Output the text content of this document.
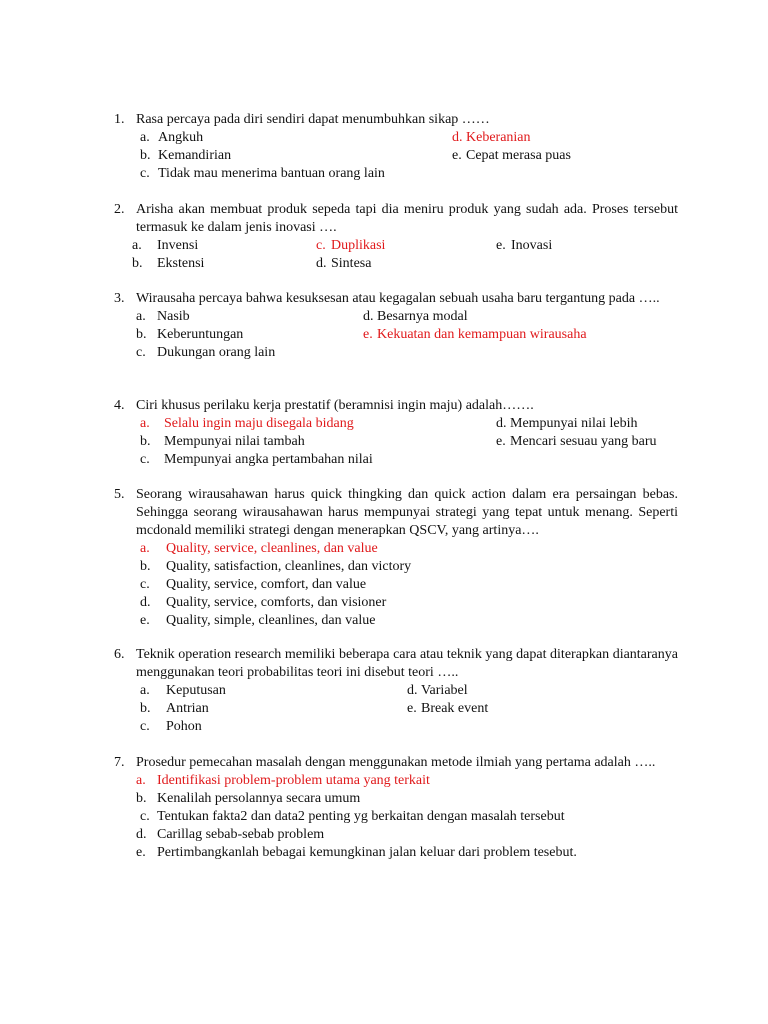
1. Rasa percaya pada diri sendiri dapat menumbuhkan sikap ……
a. Angkuh	d. Keberanian
b. Kemandirian	e. Cepat merasa puas
c. Tidak mau menerima bantuan orang lain
2. Arisha akan membuat produk sepeda tapi dia meniru produk yang sudah ada. Proses tersebut termasuk ke dalam jenis inovasi ….
a. Invensi	c. Duplikasi	e. Inovasi
b. Ekstensi	d. Sintesa
3. Wirausaha percaya bahwa kesuksesan atau kegagalan sebuah usaha baru tergantung pada …..
a. Nasib	d. Besarnya modal
b. Keberuntungan	e. Kekuatan dan kemampuan wirausaha
c. Dukungan orang lain
4. Ciri khusus perilaku kerja prestatif (beramnisi ingin maju) adalah…….
a. Selalu ingin maju disegala bidang	d. Mempunyai nilai lebih
b. Mempunyai nilai tambah	e. Mencari sesuau yang baru
c. Mempunyai angka pertambahan nilai
5. Seorang wirausahawan harus quick thingking dan quick action dalam era persaingan bebas. Sehingga seorang wirausahawan harus mempunyai strategi yang tepat untuk menang. Seperti mcdonald memiliki strategi dengan menerapkan QSCV, yang artinya….
a. Quality, service, cleanlines, dan value
b. Quality, satisfaction, cleanlines, dan victory
c. Quality, service, comfort, dan value
d. Quality, service, comforts, dan visioner
e. Quality, simple, cleanlines, dan value
6. Teknik operation research memiliki beberapa cara atau teknik yang dapat diterapkan diantaranya menggunakan teori probabilitas teori ini disebut teori …..
a. Keputusan	d. Variabel
b. Antrian	e. Break event
c. Pohon
7. Prosedur pemecahan masalah dengan menggunakan metode ilmiah yang pertama adalah …..
a. Identifikasi problem-problem utama yang terkait
b. Kenalilah persolannya secara umum
c. Tentukan fakta2 dan data2 penting yg berkaitan dengan masalah tersebut
d. Carillag sebab-sebab problem
e. Pertimbangkanlah bebagai kemungkinan jalan keluar dari problem tesebut.
